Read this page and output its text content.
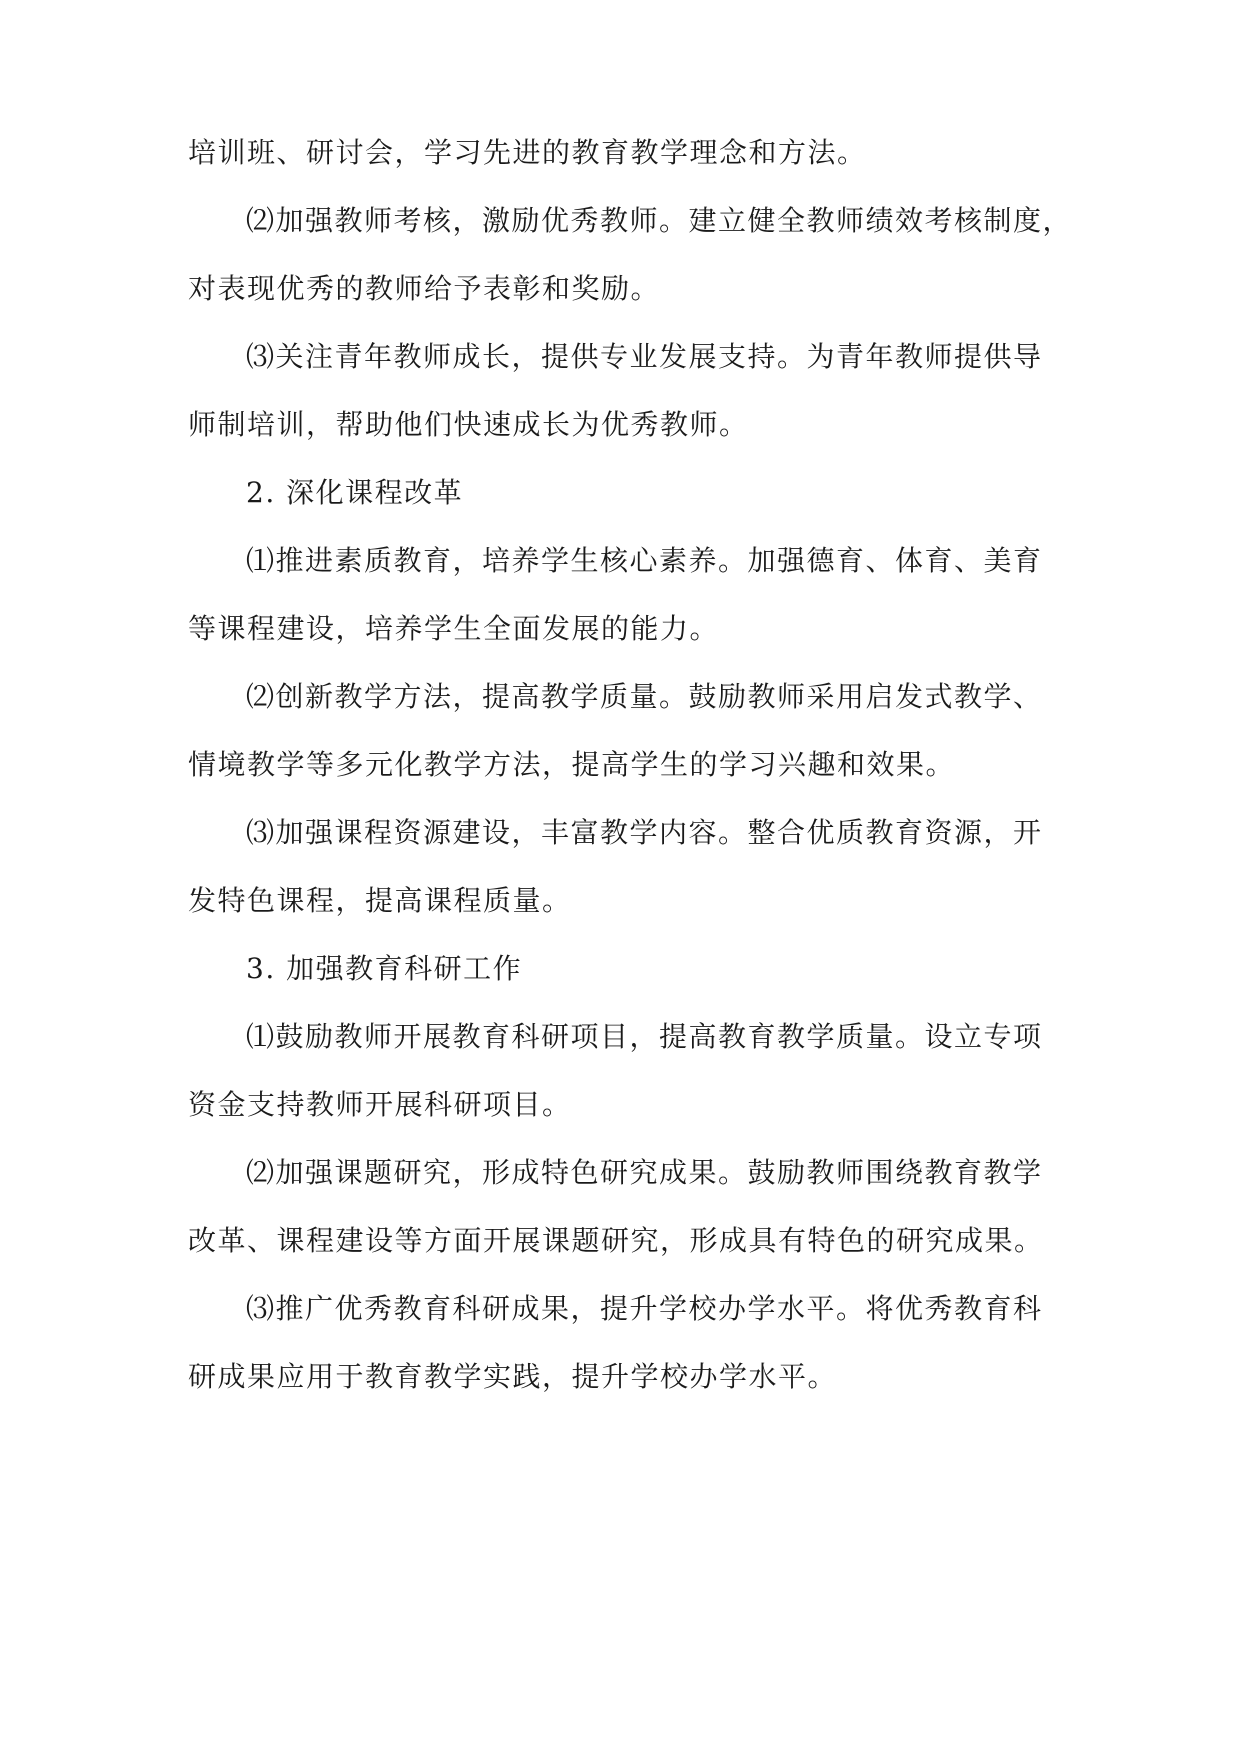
培训班、研讨会，学习先进的教育教学理念和方法。
⑵加强教师考核，激励优秀教师。建立健全教师绩效考核制度，
对表现优秀的教师给予表彰和奖励。
⑶关注青年教师成长，提供专业发展支持。为青年教师提供导
师制培训，帮助他们快速成长为优秀教师。
2. 深化课程改革
⑴推进素质教育，培养学生核心素养。加强德育、体育、美育
等课程建设，培养学生全面发展的能力。
⑵创新教学方法，提高教学质量。鼓励教师采用启发式教学、
情境教学等多元化教学方法，提高学生的学习兴趣和效果。
⑶加强课程资源建设，丰富教学内容。整合优质教育资源，开
发特色课程，提高课程质量。
3. 加强教育科研工作
⑴鼓励教师开展教育科研项目，提高教育教学质量。设立专项
资金支持教师开展科研项目。
⑵加强课题研究，形成特色研究成果。鼓励教师围绕教育教学
改革、课程建设等方面开展课题研究，形成具有特色的研究成果。
⑶推广优秀教育科研成果，提升学校办学水平。将优秀教育科
研成果应用于教育教学实践，提升学校办学水平。
